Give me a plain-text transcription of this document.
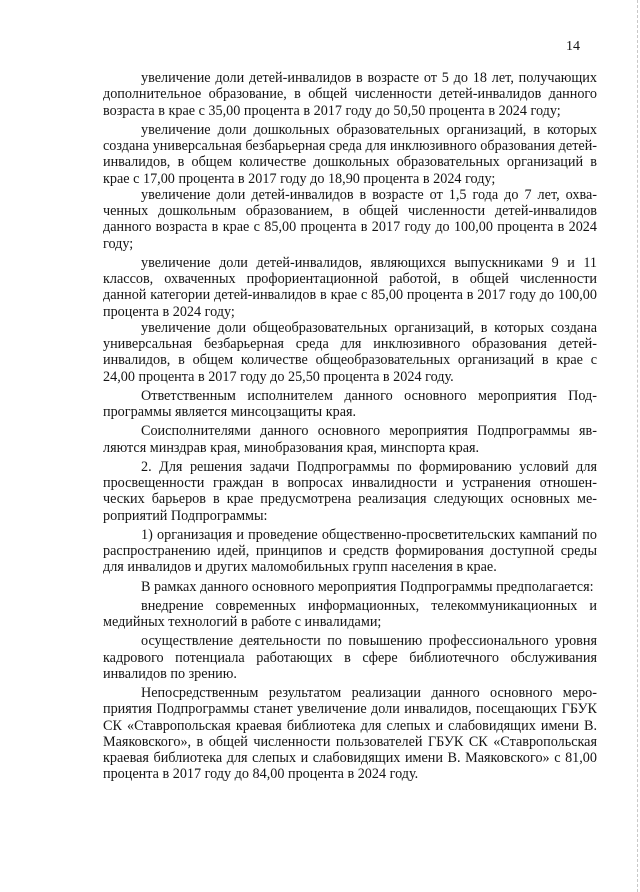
14

увеличение доли детей-инвалидов в возрасте от 5 до 18 лет, получающих дополнительное образование, в общей численности детей-инвалидов данного возраста в крае с 35,00 процента в 2017 году до 50,50 процента в 2024 году;

увеличение доли дошкольных образовательных организаций, в которых создана универсальная безбарьерная среда для инклюзивного образования детей-инвалидов, в общем количестве дошкольных образовательных организаций в крае с 17,00 процента в 2017 году до 18,90 процента в 2024 году;

увеличение доли детей-инвалидов в возрасте от 1,5 года до 7 лет, охваченных дошкольным образованием, в общей численности детей-инвалидов данного возраста в крае с 85,00 процента в 2017 году до 100,00 процента в 2024 году;

увеличение доли детей-инвалидов, являющихся выпускниками 9 и 11 классов, охваченных профориентационной работой, в общей численности данной категории детей-инвалидов в крае с 85,00 процента в 2017 году до 100,00 процента в 2024 году;

увеличение доли общеобразовательных организаций, в которых создана универсальная безбарьерная среда для инклюзивного образования детей-инвалидов, в общем количестве общеобразовательных организаций в крае с 24,00 процента в 2017 году до 25,50 процента в 2024 году.

Ответственным исполнителем данного основного мероприятия Подпрограммы является минсоцзащиты края.

Соисполнителями данного основного мероприятия Подпрограммы являются минздрав края, минобразования края, минспорта края.

2. Для решения задачи Подпрограммы по формированию условий для просвещенности граждан в вопросах инвалидности и устранения отношенческих барьеров в крае предусмотрена реализация следующих основных мероприятий Подпрограммы:

1) организация и проведение общественно-просветительских кампаний по распространению идей, принципов и средств формирования доступной среды для инвалидов и других маломобильных групп населения в крае.

В рамках данного основного мероприятия Подпрограммы предполагается:

внедрение современных информационных, телекоммуникационных и медийных технологий в работе с инвалидами;

осуществление деятельности по повышению профессионального уровня кадрового потенциала работающих в сфере библиотечного обслуживания инвалидов по зрению.

Непосредственным результатом реализации данного основного мероприятия Подпрограммы станет увеличение доли инвалидов, посещающих ГБУК СК «Ставропольская краевая библиотека для слепых и слабовидящих имени В. Маяковского», в общей численности пользователей ГБУК СК «Ставропольская краевая библиотека для слепых и слабовидящих имени В. Маяковского» с 81,00 процента в 2017 году до 84,00 процента в 2024 году.
